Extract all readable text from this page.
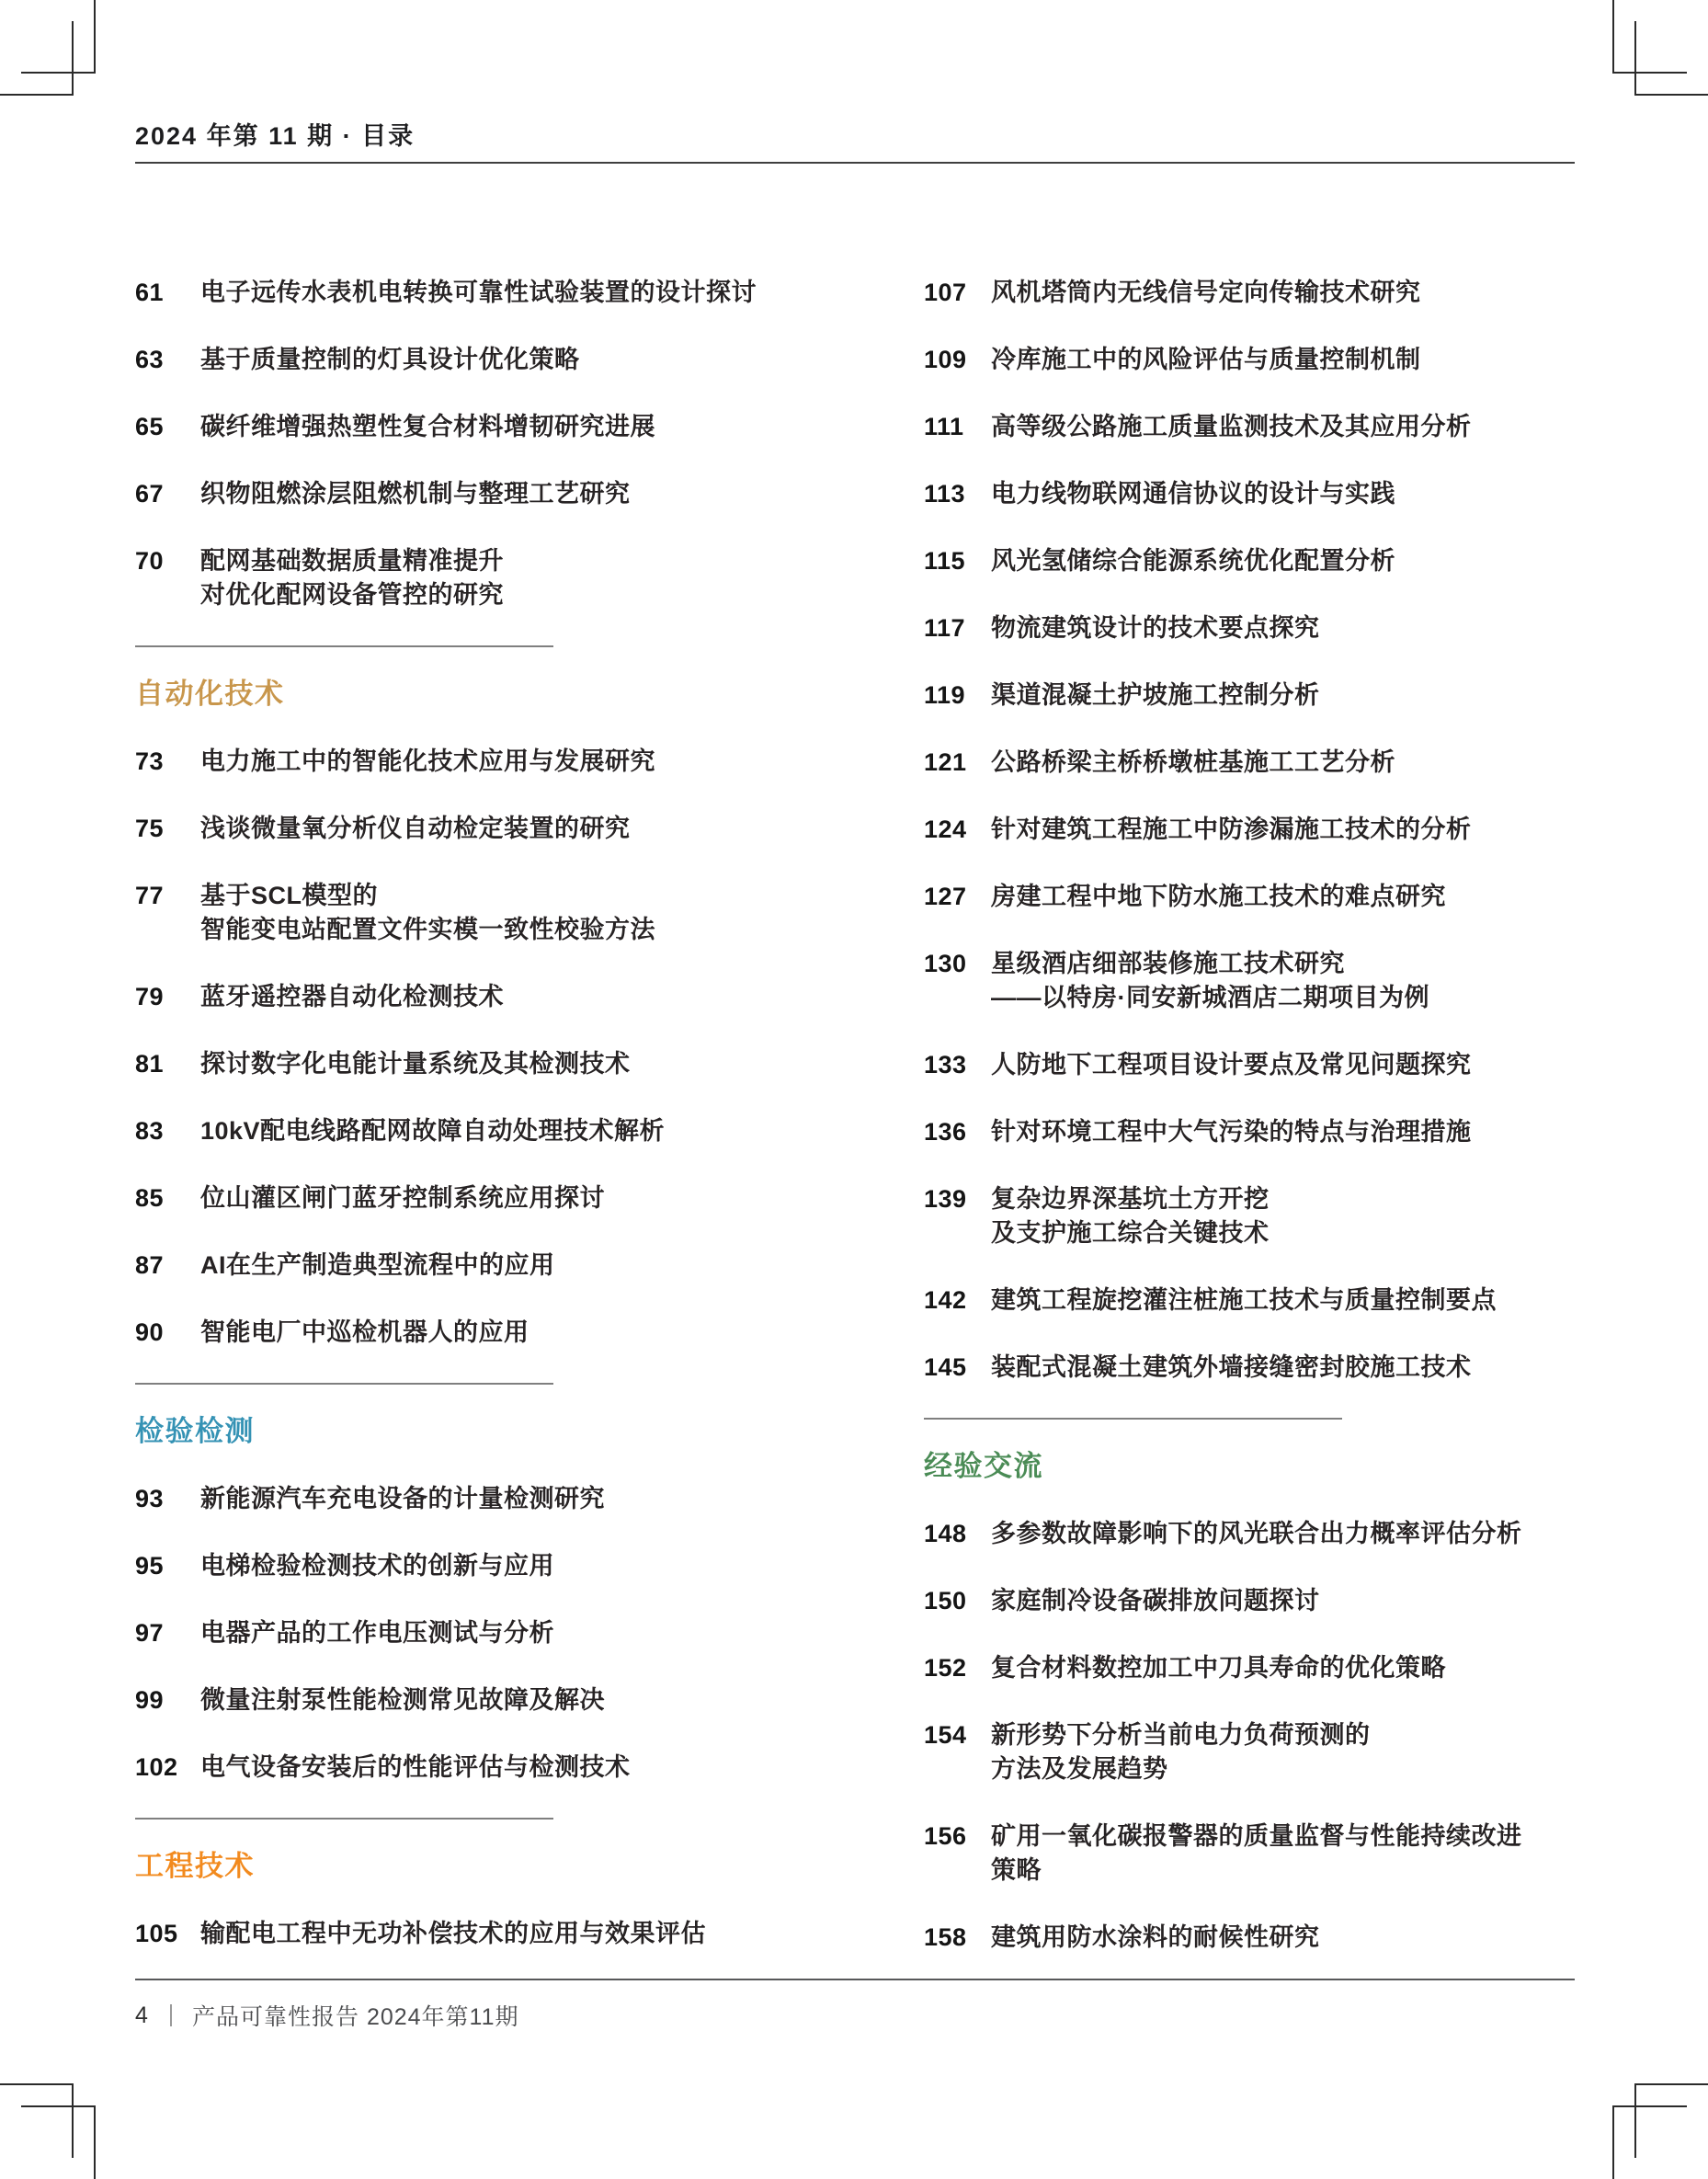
2024 年第 11 期 · 目录
61	电子远传水表机电转换可靠性试验装置的设计探讨
63	基于质量控制的灯具设计优化策略
65	碳纤维增强热塑性复合材料增韧研究进展
67	织物阻燃涂层阻燃机制与整理工艺研究
70	配网基础数据质量精准提升
对优化配网设备管控的研究
自动化技术
73	电力施工中的智能化技术应用与发展研究
75	浅谈微量氧分析仪自动检定装置的研究
77	基于SCL模型的
智能变电站配置文件实模一致性校验方法
79	蓝牙遥控器自动化检测技术
81	探讨数字化电能计量系统及其检测技术
83	10kV配电线路配网故障自动处理技术解析
85	位山灌区闸门蓝牙控制系统应用探讨
87	AI在生产制造典型流程中的应用
90	智能电厂中巡检机器人的应用
检验检测
93	新能源汽车充电设备的计量检测研究
95	电梯检验检测技术的创新与应用
97	电器产品的工作电压测试与分析
99	微量注射泵性能检测常见故障及解决
102 电气设备安装后的性能评估与检测技术
工程技术
105 输配电工程中无功补偿技术的应用与效果评估
107 风机塔筒内无线信号定向传输技术研究
109 冷库施工中的风险评估与质量控制机制
111	高等级公路施工质量监测技术及其应用分析
113	电力线物联网通信协议的设计与实践
115	风光氢储综合能源系统优化配置分析
117	物流建筑设计的技术要点探究
119	渠道混凝土护坡施工控制分析
121 公路桥梁主桥桥墩桩基施工工艺分析
124 针对建筑工程施工中防渗漏施工技术的分析
127 房建工程中地下防水施工技术的难点研究
130 星级酒店细部装修施工技术研究
——以特房·同安新城酒店二期项目为例
133 人防地下工程项目设计要点及常见问题探究
136 针对环境工程中大气污染的特点与治理措施
139 复杂边界深基坑土方开挖
及支护施工综合关键技术
142 建筑工程旋挖灌注桩施工技术与质量控制要点
145 装配式混凝土建筑外墙接缝密封胶施工技术
经验交流
148 多参数故障影响下的风光联合出力概率评估分析
150 家庭制冷设备碳排放问题探讨
152 复合材料数控加工中刀具寿命的优化策略
154 新形势下分析当前电力负荷预测的
方法及发展趋势
156 矿用一氧化碳报警器的质量监督与性能持续改进
策略
158 建筑用防水涂料的耐候性研究
4	产品可靠性报告 2024年第11期
